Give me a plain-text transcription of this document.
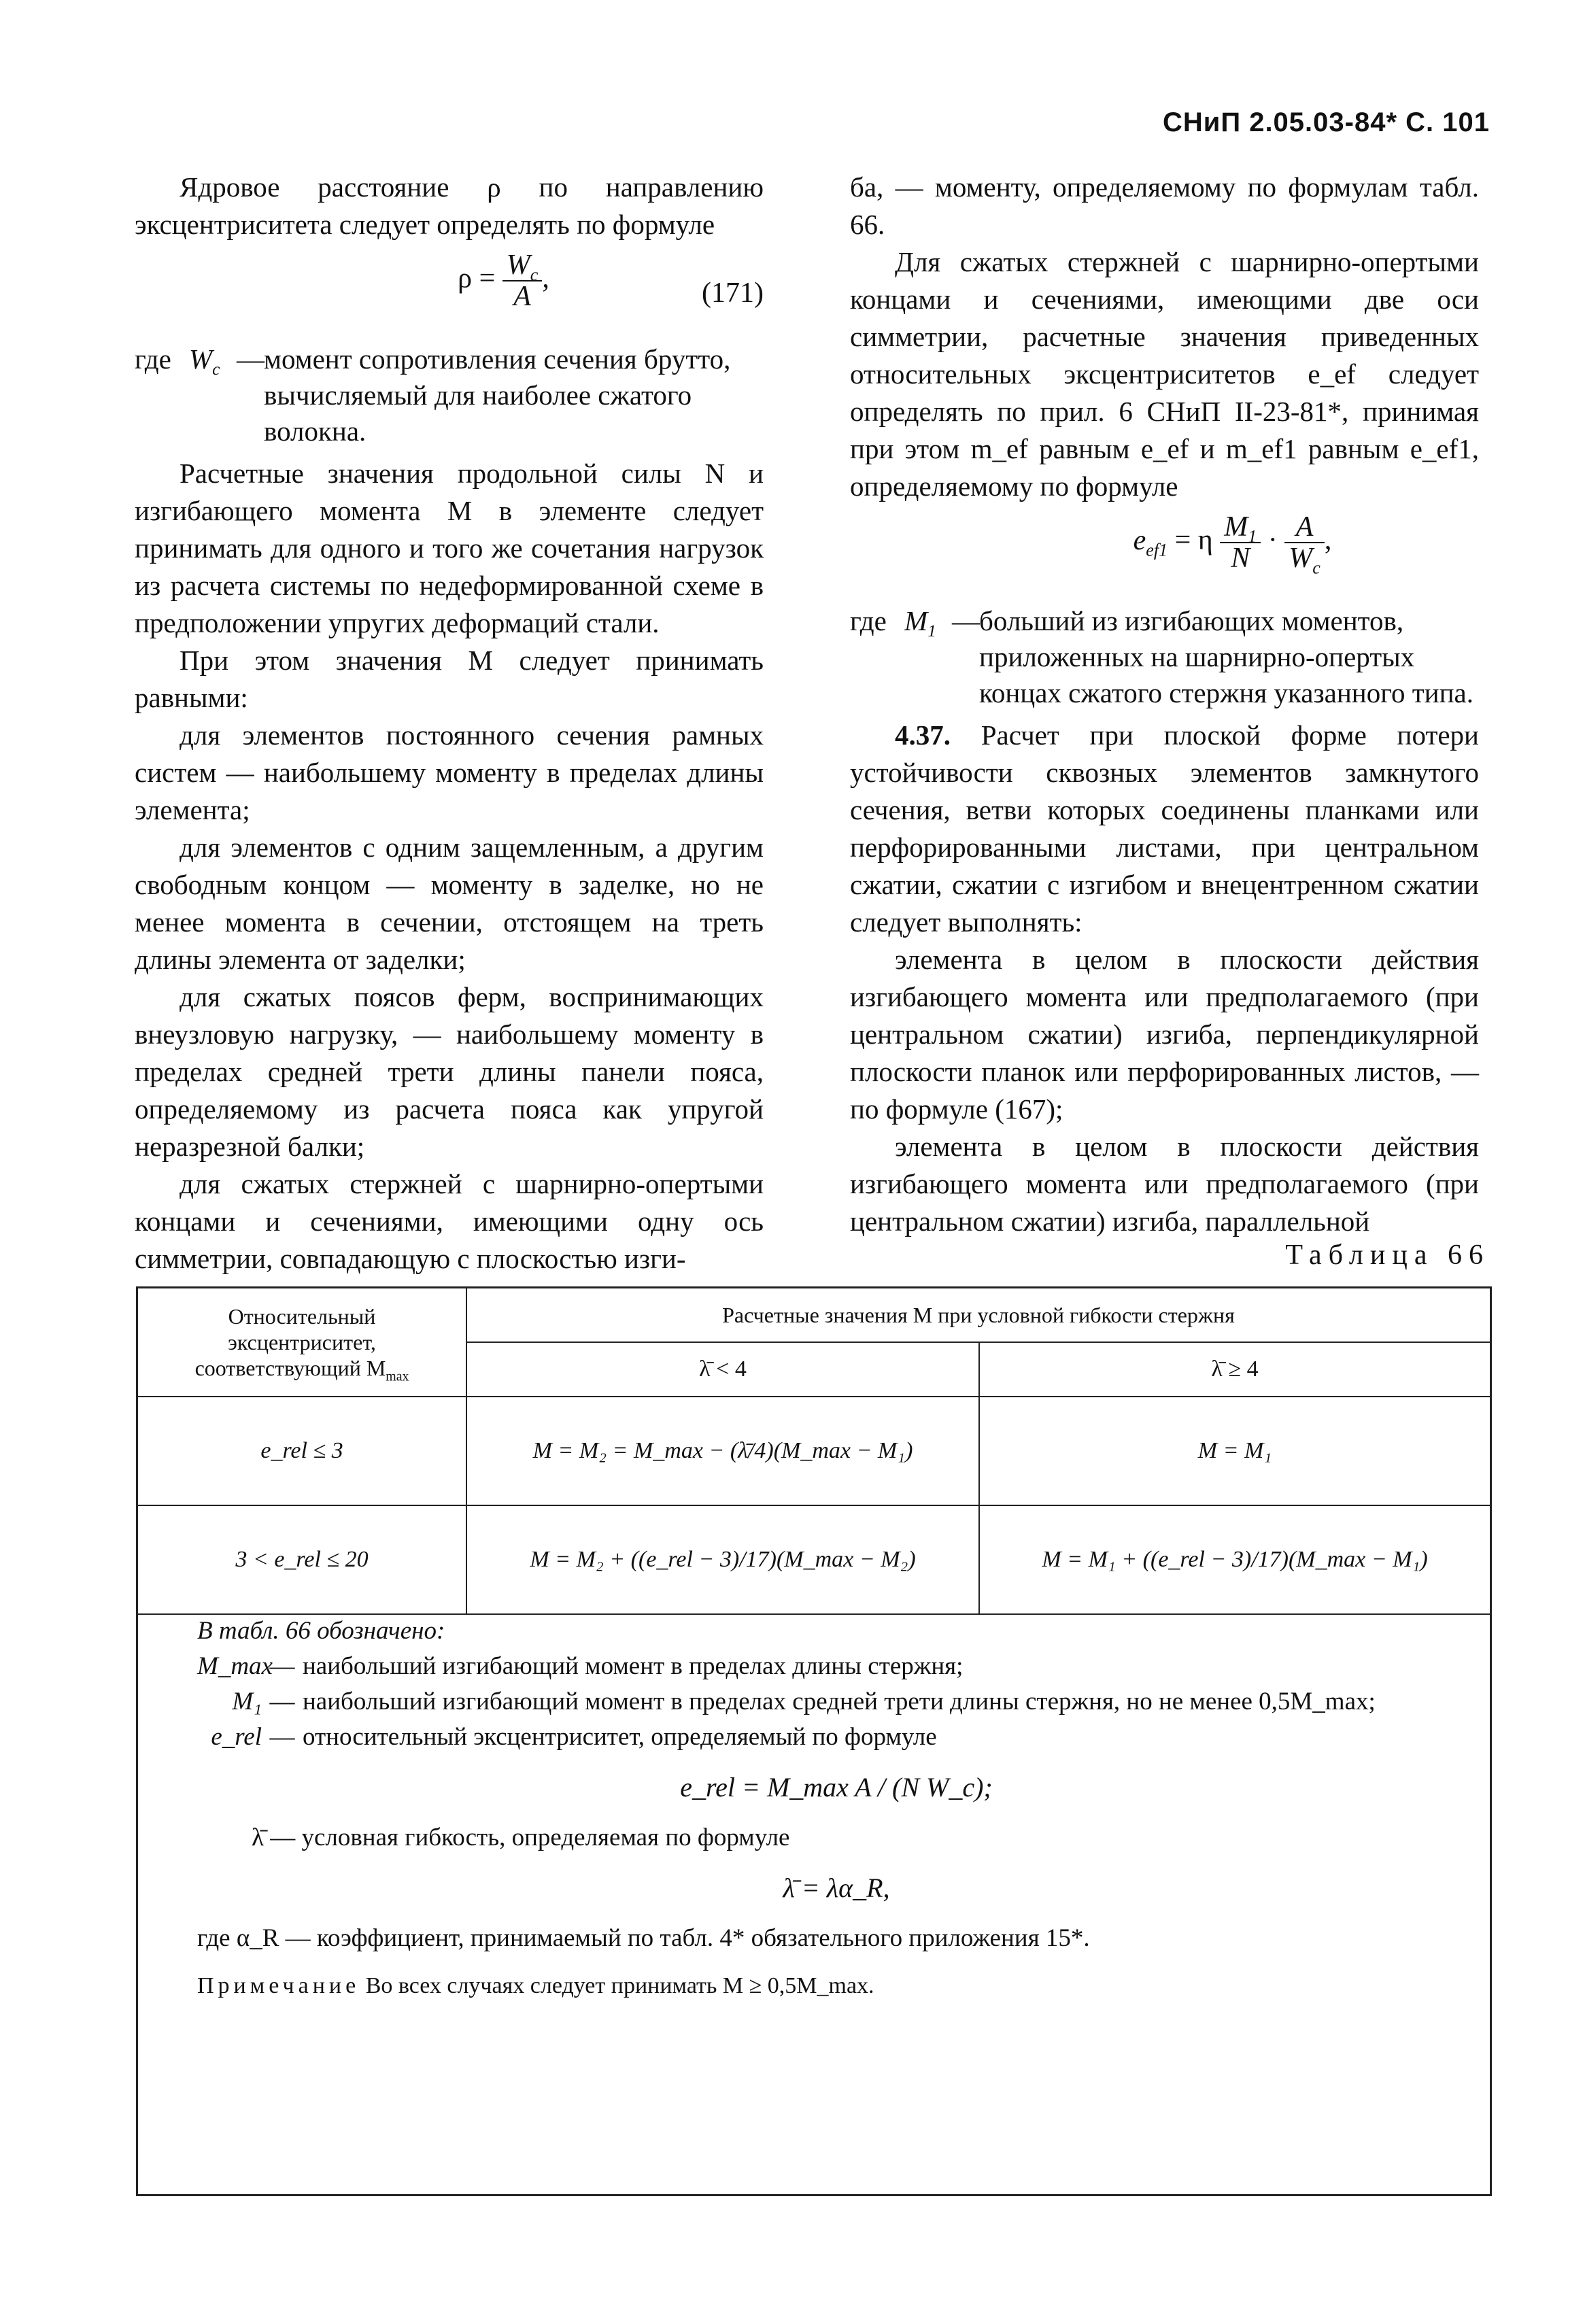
СНиП 2.05.03-84* С. 101

Ядровое расстояние ρ по направлению эксцентриситета следует определять по формуле

$\rho = \frac{W_c}{A}$ ,	(171)
где $W_c$ — момент сопротивления сечения брутто, вычисляемый для наиболее сжатого волокна.

Расчетные значения продольной силы N и изгибающего момента M в элементе следует принимать для одного и того же сочетания нагрузок из расчета системы по недеформированной схеме в предположении упругих деформаций стали.

При этом значения M следует принимать равными:

для элементов постоянного сечения рамных систем — наибольшему моменту в пределах длины элемента;

для элементов с одним защемленным, а другим свободным концом — моменту в заделке, но не менее момента в сечении, отстоящем на треть длины элемента от заделки;

для сжатых поясов ферм, воспринимающих внеузловую нагрузку, — наибольшему моменту в пределах средней трети длины панели пояса, определяемому из расчета пояса как упругой неразрезной балки;

для сжатых стержней с шарнирно-опертыми концами и сечениями, имеющими одну ось симметрии, совпадающую с плоскостью изги-

ба, — моменту, определяемому по формулам табл. 66.

Для сжатых стержней с шарнирно-опертыми концами и сечениями, имеющими две оси симметрии, расчетные значения приведенных относительных эксцентриситетов e_ef следует определять по прил. 6 СНиП II-23-81*, принимая при этом m_ef равным e_ef и m_ef1 равным e_ef1, определяемому по формуле

$e_{ef1} = \eta \frac{M_1}{N} \cdot \frac{A}{W_c}$ ,
где $M_1$ — больший из изгибающих моментов, приложенных на шарнирно-опертых концах сжатого стержня указанного типа.

4.37. Расчет при плоской форме потери устойчивости сквозных элементов замкнутого сечения, ветви которых соединены планками или перфорированными листами, при центральном сжатии, сжатии с изгибом и внецентренном сжатии следует выполнять:

элемента в целом в плоскости действия изгибающего момента или предполагаемого (при центральном сжатии) изгиба, перпендикулярной плоскости планок или перфорированных листов, — по формуле (167);

элемента в целом в плоскости действия изгибающего момента или предполагаемого (при центральном сжатии) изгиба, параллельной

Таблица 66
Относительный эксцентриситет, соответствующий $M_{max}$
Расчетные значения M при условной гибкости стержня
λ̄ < 4	λ̄ ≥ 4
e_rel ≤ 3	M = M₂ = M_max − (λ̄/4)(M_max − M₁)	M = M₁
3 < e_rel ≤ 20	M = M₂ + ((e_rel − 3)/17)(M_max − M₂)	M = M₁ + ((e_rel − 3)/17)(M_max − M₁)
В табл. 66 обозначено:
M_max
— наибольший изгибающий момент в пределах длины стержня;
M₁ — наибольший изгибающий момент в пределах средней трети длины стержня, но не менее 0,5M_max;
e_rel — относительный эксцентриситет, определяемый по формуле
e_rel = M_max A / (N W_c);
λ̄ — условная гибкость, определяемая по формуле
λ̄ = λα_R,
где α_R — коэффициент, принимаемый по табл. 4* обязательного приложения 15*.
Примечание Во всех случаях следует принимать M ≥ 0,5M_max.
